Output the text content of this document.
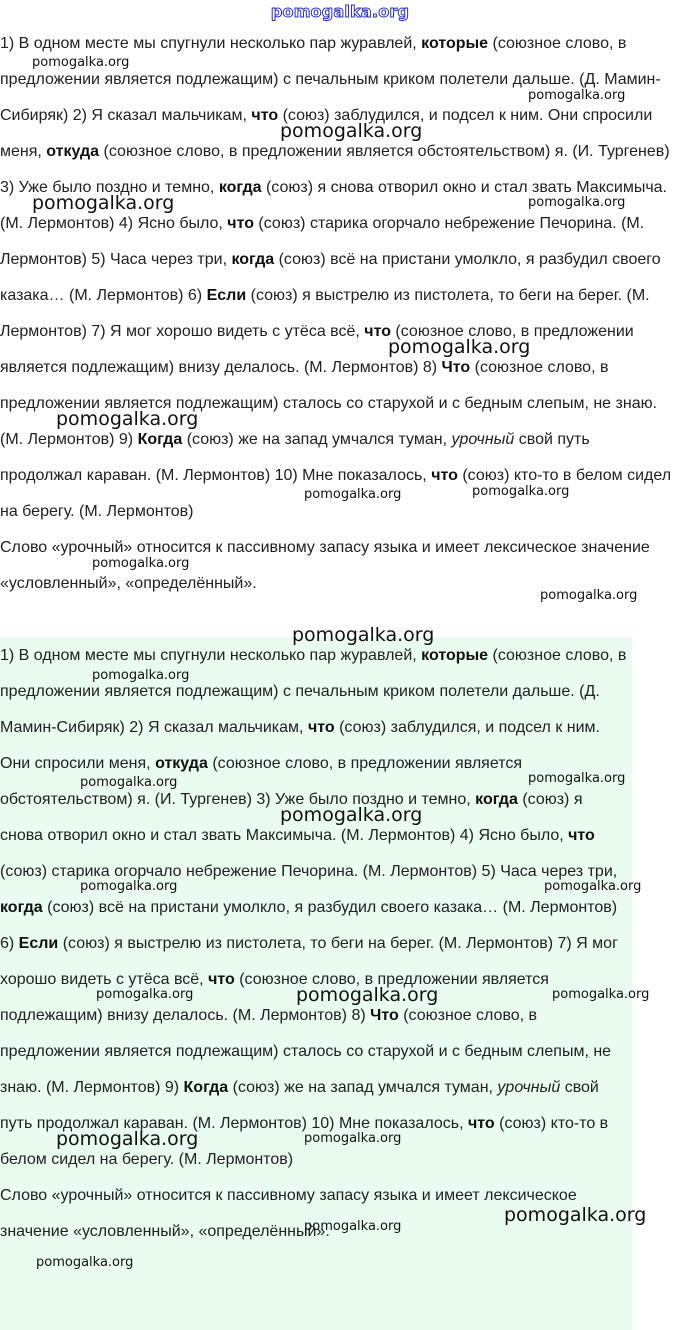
pomogalka.org

1) В одном месте мы спугнули несколько пар журавлей, которые (союзное слово, в предложении является подлежащим) с печальным криком полетели дальше. (Д. Мамин-Сибиряк) 2) Я сказал мальчикам, что (союз) заблудился, и подсел к ним. Они спросили меня, откуда (союзное слово, в предложении является обстоятельством) я. (И. Тургенев) 3) Уже было поздно и темно, когда (союз) я снова отворил окно и стал звать Максимыча. (М. Лермонтов) 4) Ясно было, что (союз) старика огорчало небрежение Печорина. (М. Лермонтов) 5) Часа через три, когда (союз) всё на пристани умолкло, я разбудил своего казака… (М. Лермонтов) 6) Если (союз) я выстрелю из пистолета, то беги на берег. (М. Лермонтов) 7) Я мог хорошо видеть с утёса всё, что (союзное слово, в предложении является подлежащим) внизу делалось. (М. Лермонтов) 8) Что (союзное слово, в предложении является подлежащим) сталось со старухой и с бедным слепым, не знаю. (М. Лермонтов) 9) Когда (союз) же на запад умчался туман, урочный свой путь продолжал караван. (М. Лермонтов) 10) Мне показалось, что (союз) кто-то в белом сидел на берегу. (М. Лермонтов)

Слово «урочный» относится к пассивному запасу языка и имеет лексическое значение «условленный», «определённый».

1) В одном месте мы спугнули несколько пар журавлей, которые (союзное слово, в предложении является подлежащим) с печальным криком полетели дальше. (Д. Мамин-Сибиряк) 2) Я сказал мальчикам, что (союз) заблудился, и подсел к ним. Они спросили меня, откуда (союзное слово, в предложении является обстоятельством) я. (И. Тургенев) 3) Уже было поздно и темно, когда (союз) я снова отворил окно и стал звать Максимыча. (М. Лермонтов) 4) Ясно было, что (союз) старика огорчало небрежение Печорина. (М. Лермонтов) 5) Часа через три, когда (союз) всё на пристани умолкло, я разбудил своего казака… (М. Лермонтов) 6) Если (союз) я выстрелю из пистолета, то беги на берег. (М. Лермонтов) 7) Я мог хорошо видеть с утёса всё, что (союзное слово, в предложении является подлежащим) внизу делалось. (М. Лермонтов) 8) Что (союзное слово, в предложении является подлежащим) сталось со старухой и с бедным слепым, не знаю. (М. Лермонтов) 9) Когда (союз) же на запад умчался туман, урочный свой путь продолжал караван. (М. Лермонтов) 10) Мне показалось, что (союз) кто-то в белом сидел на берегу. (М. Лермонтов)

Слово «урочный» относится к пассивному запасу языка и имеет лексическое значение «условленный», «определённый».

pomogalka.org
pomogalka.org
pomogalka.org
pomogalka.org	pomogalka.org
pomogalka.org
pomogalka.org
pomogalka.org	pomogalka.org
pomogalka.org
pomogalka.org
pomogalka.org
pomogalka.org
pomogalka.org	pomogalka.org
pomogalka.org
pomogalka.org	pomogalka.org
pomogalka.org	pomogalka.org	pomogalka.org
pomogalka.org	pomogalka.org
pomogalka.org
pomogalka.org
pomogalka.org
